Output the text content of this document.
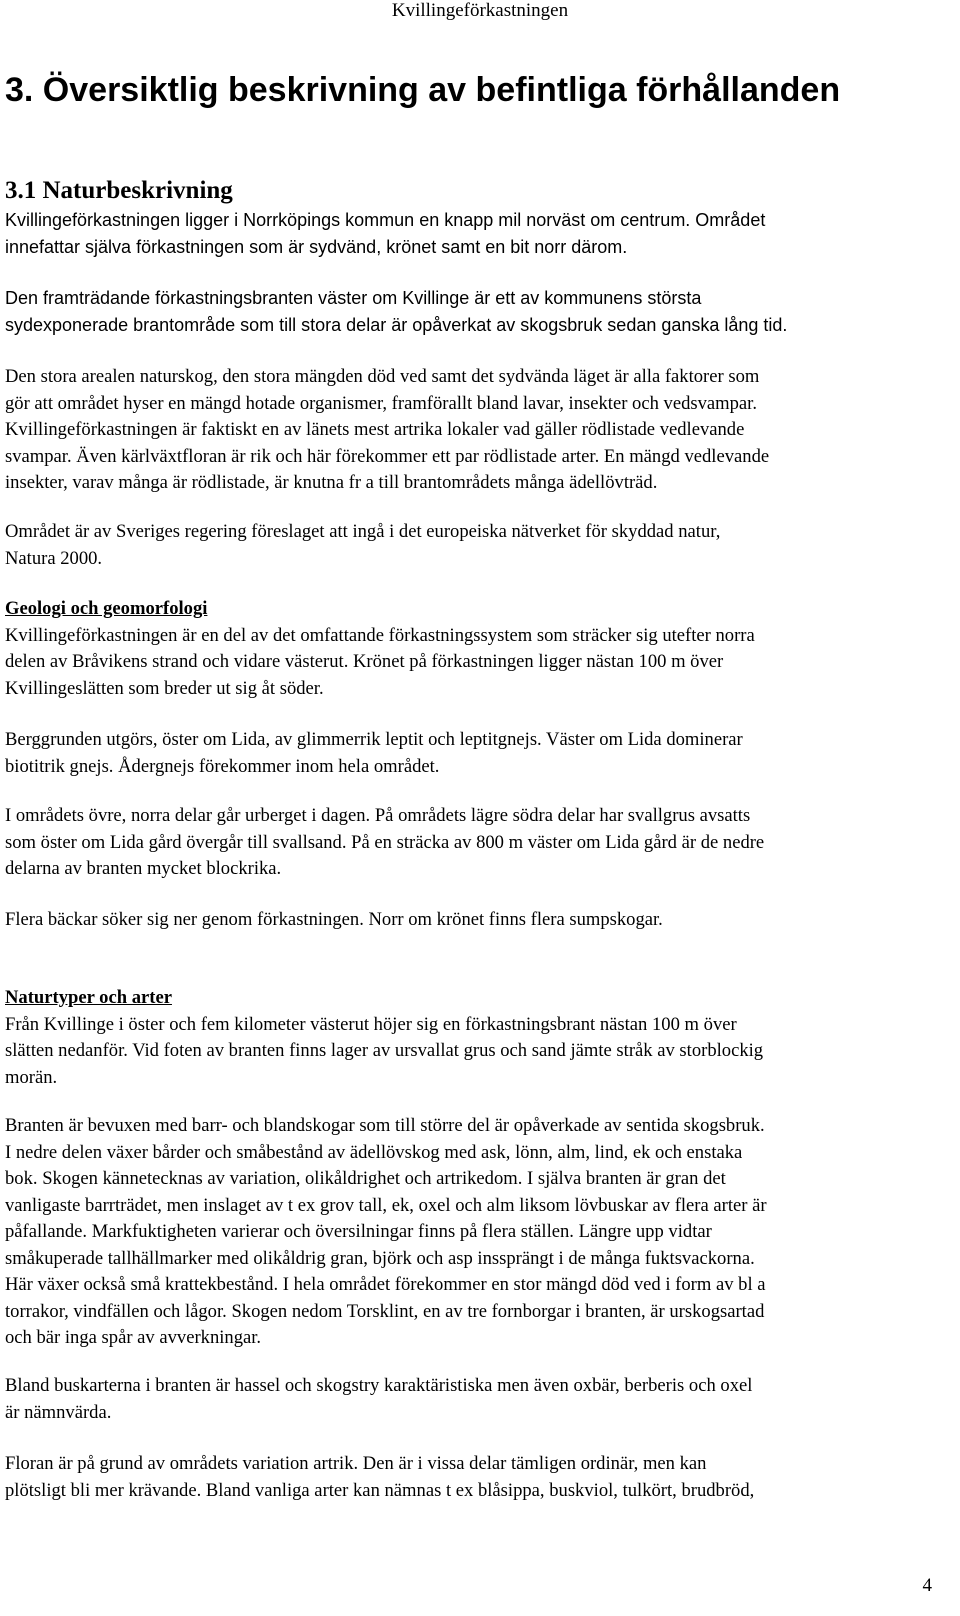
Kvillingeförkastningen
3. Översiktlig beskrivning av befintliga förhållanden
3.1 Naturbeskrivning

Kvillingeförkastningen ligger i Norrköpings kommun en knapp mil norväst om centrum. Området
innefattar själva förkastningen som är sydvänd, krönet samt en bit norr därom.

Den framträdande förkastningsbranten väster om Kvillinge är ett av kommunens största
sydexponerade brantområde som till stora delar är opåverkat av skogsbruk sedan ganska lång tid.

Den stora arealen naturskog, den stora mängden död ved samt det sydvända läget är alla faktorer som
gör att området hyser en mängd hotade organismer, framförallt bland lavar, insekter och vedsvampar.
Kvillingeförkastningen är faktiskt en av länets mest artrika lokaler vad gäller rödlistade vedlevande
svampar. Även kärlväxtfloran är rik och här förekommer ett par rödlistade arter. En mängd vedlevande
insekter, varav många är rödlistade, är knutna fr a till brantområdets många ädellövträd.

Området är av Sveriges regering föreslaget att ingå i det europeiska nätverket för skyddad natur,
Natura 2000.

Geologi och geomorfologi
Kvillingeförkastningen är en del av det omfattande förkastningssystem som sträcker sig utefter norra
delen av Bråvikens strand och vidare västerut. Krönet på förkastningen ligger nästan 100 m över
Kvillingeslätten som breder ut sig åt söder.

Berggrunden utgörs, öster om Lida, av glimmerrik leptit och leptitgnejs. Väster om Lida dominerar
biotitrik gnejs. Ådergnejs förekommer inom hela området.

I områdets övre, norra delar går urberget i dagen. På områdets lägre södra delar har svallgrus avsatts
som öster om Lida gård övergår till svallsand. På en sträcka av 800 m väster om Lida gård är de nedre
delarna av branten mycket blockrika.

Flera bäckar söker sig ner genom förkastningen. Norr om krönet finns flera sumpskogar.

Naturtyper och arter
Från Kvillinge i öster och fem kilometer västerut höjer sig en förkastningsbrant nästan 100 m över
slätten nedanför. Vid foten av branten finns lager av ursvallat grus och sand jämte stråk av storblockig
morän.

Branten är bevuxen med barr- och blandskogar som till större del är opåverkade av sentida skogsbruk.
I nedre delen växer bårder och småbestånd av ädellövskog med ask, lönn, alm, lind, ek och enstaka
bok. Skogen kännetecknas av variation, olikåldrighet och artrikedom. I själva branten är gran det
vanligaste barrträdet, men inslaget av t ex grov tall, ek, oxel och alm liksom lövbuskar av flera arter är
påfallande. Markfuktigheten varierar och översilningar finns på flera ställen. Längre upp vidtar
småkuperade tallhällmarker med olikåldrig gran, björk och asp inssprängt i de många fuktsvackorna.
Här växer också små krattekbestånd. I hela området förekommer en stor mängd död ved i form av bl a
torrakor, vindfällen och lågor. Skogen nedom Torsklint, en av tre fornborgar i branten, är urskogsartad
och bär inga spår av avverkningar.

Bland buskarterna i branten är hassel och skogstry karaktäristiska men även oxbär, berberis och oxel
är nämnvärda.

Floran är på grund av områdets variation artrik. Den är i vissa delar tämligen ordinär, men kan
plötsligt bli mer krävande. Bland vanliga arter kan nämnas t ex blåsippa, buskviol, tulkört, brudbröd,

4
